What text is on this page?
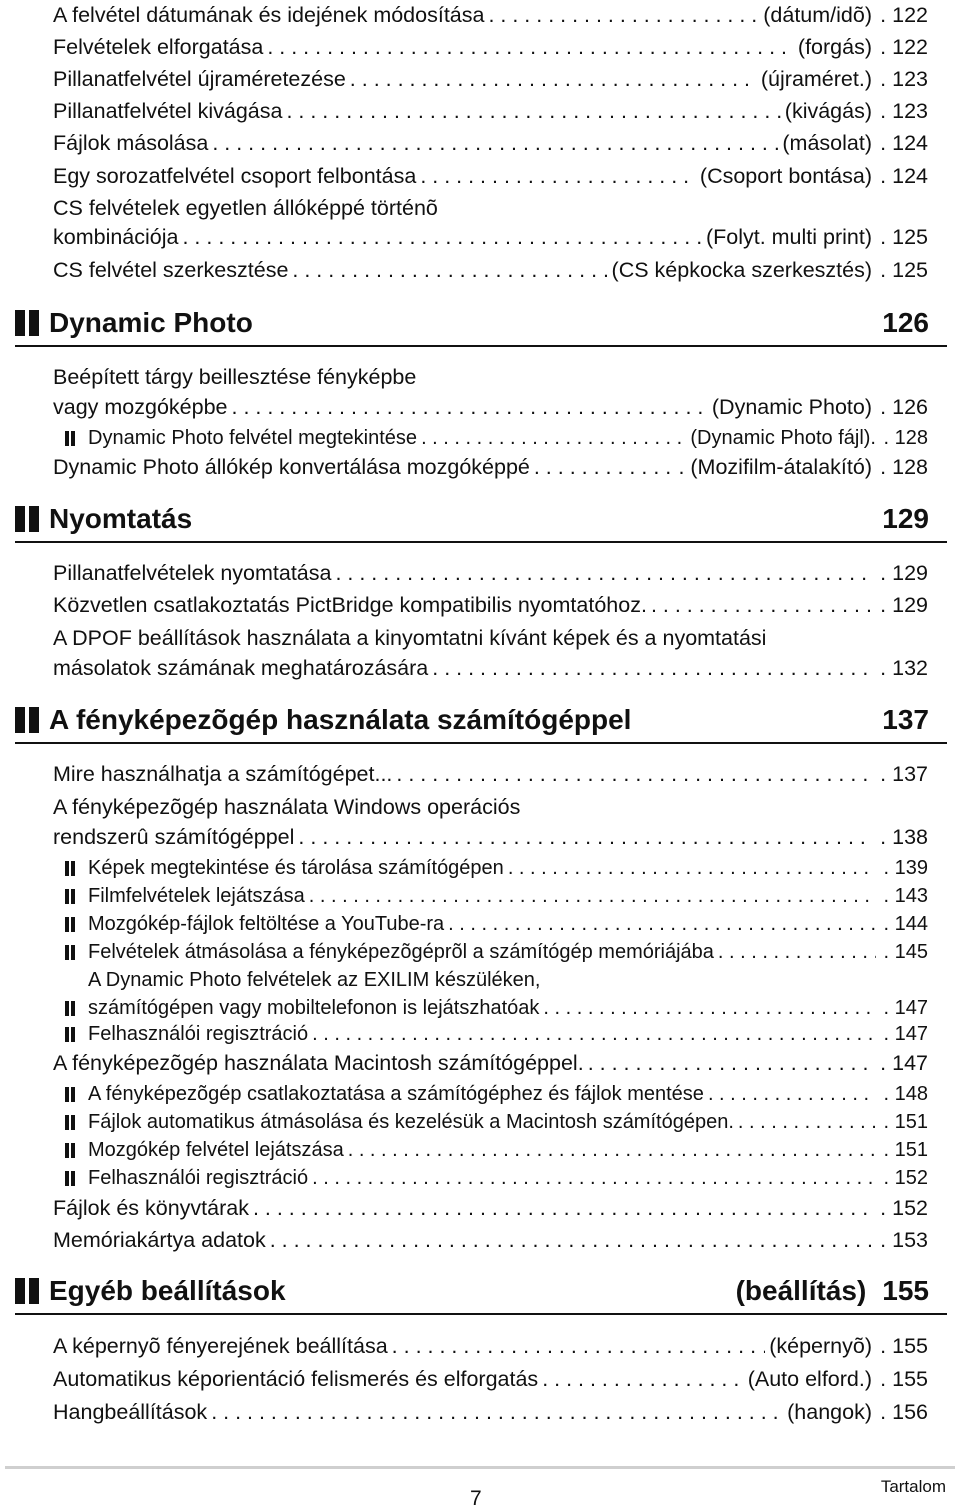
A felvétel dátumának és idejének módosítása . . .	(dátum/idõ) . 122
Felvételek elforgatása . . .	(forgás) . 122
Pillanatfelvétel újraméretezése . . .	(újraméret.) . 123
Pillanatfelvétel kivágása . . .	(kivágás) . 123
Fájlok másolása . . .	(másolat) . 124
Egy sorozatfelvétel csoport felbontása . . .	(Csoport bontása) . 124
CS felvételek egyetlen állóképpé történõ
kombinációja . . .	(Folyt. multi print) . 125
CS felvétel szerkesztése . . .	(CS képkocka szerkesztés) . 125
Dynamic Photo	126
Beépített tárgy beillesztése fényképbe
vagy mozgóképbe . . .	(Dynamic Photo) . 126
Dynamic Photo felvétel megtekintése . . .	(Dynamic Photo fájl). . 128
Dynamic Photo állókép konvertálása mozgóképpé . . .	. (Mozifilm-átalakító) . 128
Nyomtatás	129
Pillanatfelvételek nyomtatása . . .	. 129
Közvetlen csatlakoztatás PictBridge kompatibilis nyomtatóhoz. . . .	. 129
A DPOF beállítások használata a kinyomtatni kívánt képek és a nyomtatási
másolatok számának meghatározására . . .	. 132
A fényképezõgép használata számítógéppel	137
Mire használhatja a számítógépet... . . .	. 137
A fényképezõgép használata Windows operációs
rendszerû számítógéppel . . .	. 138
Képek megtekintése és tárolása számítógépen . . .	. 139
Filmfelvételek lejátszása . . .	. 143
Mozgókép-fájlok feltöltése a YouTube-ra . . .	. 144
Felvételek átmásolása a fényképezõgéprõl a számítógép memóriájába . . .	. 145
A Dynamic Photo felvételek az EXILIM készüléken,
számítógépen vagy mobiltelefonon is lejátszhatóak . . .	. 147
Felhasználói regisztráció . . .	. 147
A fényképezõgép használata Macintosh számítógéppel. . . .	. 147
A fényképezõgép csatlakoztatása a számítógéphez és fájlok mentése . . .	. 148
Fájlok automatikus átmásolása és kezelésük a Macintosh számítógépen. . . .	. 151
Mozgókép felvétel lejátszása . . .	. 151
Felhasználói regisztráció . . .	. 152
Fájlok és könyvtárak . . .	. 152
Memóriakártya adatok . . .	. 153
Egyéb beállítások	(beállítás) 155
A képernyõ fényerejének beállítása . . .	(képernyõ) . 155
Automatikus képorientáció felismerés és elforgatás . . .	(Auto elford.) . 155
Hangbeállítások . . .	(hangok) . 156
7
Tartalom
